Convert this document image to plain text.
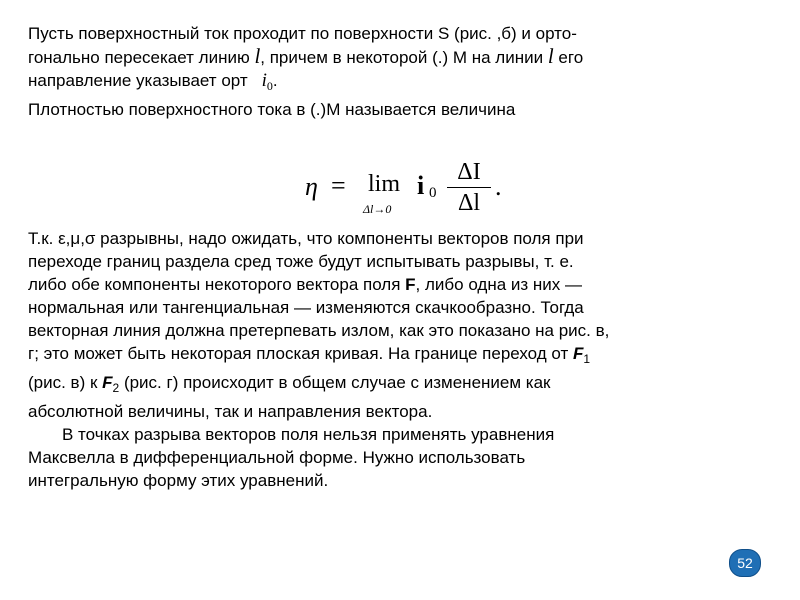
Пусть поверхностный ток проходит по поверхности S (рис. ,б) и орто-
гонально пересекает линию l, причем в некоторой (.) M на линии l его
направление указывает орт $i_0$.
Плотностью поверхностного тока в (.)M называется величина
η = lim
Δl→0
i 0
ΔI
Δl
.
Т.к. ε,μ,σ разрывны, надо ожидать, что компоненты векторов поля при
переходе границ раздела сред тоже будут испытывать разрывы, т. е.
либо обе компоненты некоторого вектора поля F, либо одна из них —
нормальная или тангенциальная — изменяются скачкообразно. Тогда
векторная линия должна претерпевать излом, как это показано на рис. в,
г; это может быть некоторая плоская кривая. На границе переход от $F_1$
(рис. в) к $F_2$ (рис. г) происходит в общем случае с изменением как
абсолютной величины, так и направления вектора.
В точках разрыва векторов поля нельзя применять уравнения
Максвелла в дифференциальной форме. Нужно использовать
интегральную форму этих уравнений.
52
